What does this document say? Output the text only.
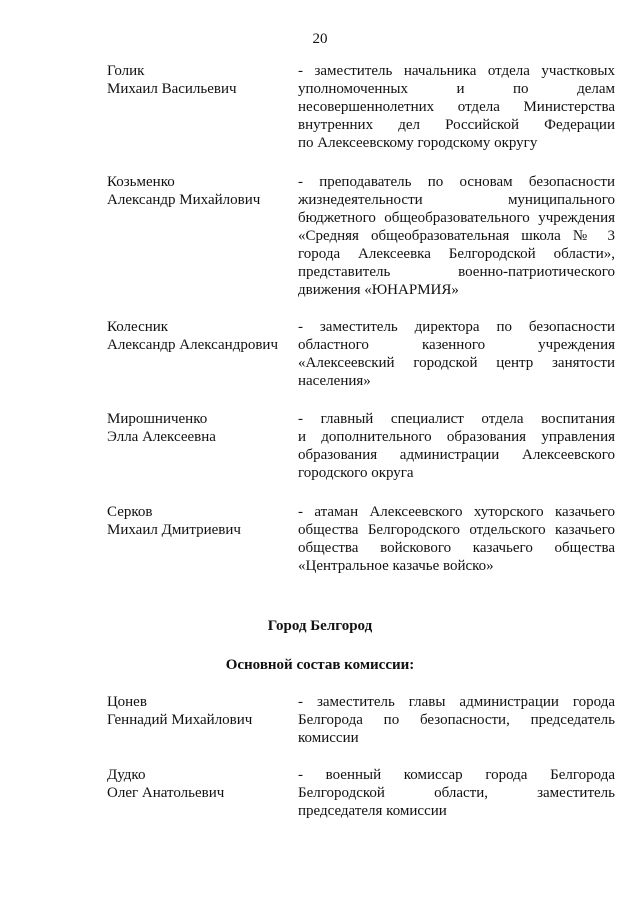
20
Голик
Михаил Васильевич
- заместитель начальника отдела участковых
уполномоченных и по делам
несовершеннолетних отдела Министерства
внутренних дел Российской Федерации
по Алексеевскому городскому округу
Козьменко
Александр Михайлович
- преподаватель по основам безопасности
жизнедеятельности муниципального
бюджетного общеобразовательного учреждения
«Средняя общеобразовательная школа № 3
города Алексеевка Белгородской области»,
представитель военно-патриотического
движения «ЮНАРМИЯ»
Колесник
Александр Александрович
- заместитель директора по безопасности
областного казенного учреждения
«Алексеевский городской центр занятости
населения»
Мирошниченко
Элла Алексеевна
- главный специалист отдела воспитания
и дополнительного образования управления
образования администрации Алексеевского
городского округа
Серков
Михаил Дмитриевич
- атаман Алексеевского хуторского казачьего
общества Белгородского отдельского казачьего
общества войскового казачьего общества
«Центральное казачье войско»
Город Белгород
Основной состав комиссии:
Цонев
Геннадий Михайлович
- заместитель главы администрации города
Белгорода по безопасности, председатель
комиссии
Дудко
Олег Анатольевич
- военный комиссар города Белгорода
Белгородской области, заместитель
председателя комиссии
